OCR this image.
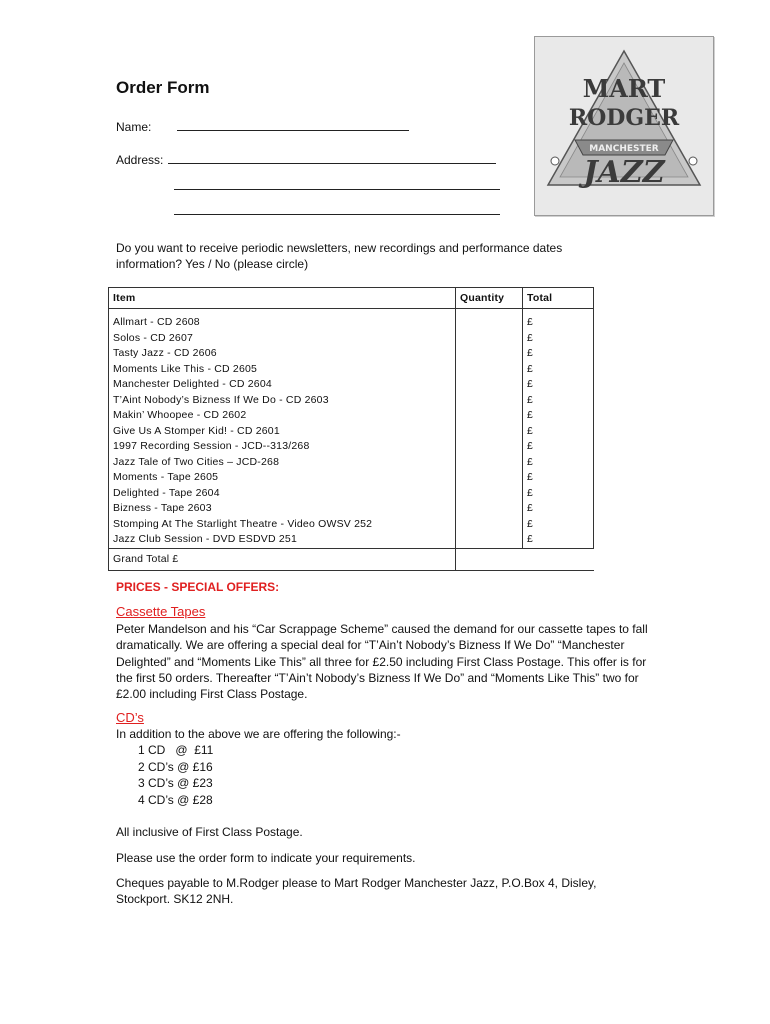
Order Form
Name:
Address:
MART
RODGER
MANCHESTER
JAZZ
Do you want to receive periodic newsletters, new recordings and performance dates information? Yes / No (please circle)
Item	Quantity	Total
Allmart - CD 2608		£
Solos - CD 2607		£
Tasty Jazz - CD 2606		£
Moments Like This - CD 2605		£
Manchester Delighted - CD 2604		£
T’Aint Nobody’s Bizness If We Do - CD 2603		£
Makin’ Whoopee - CD 2602		£
Give Us A Stomper Kid! - CD 2601		£
1997 Recording Session - JCD--313/268		£
Jazz Tale of Two Cities – JCD-268		£
Moments - Tape 2605		£
Delighted - Tape 2604		£
Bizness - Tape 2603		£
Stomping At The Starlight Theatre - Video OWSV 252		£
Jazz Club Session - DVD ESDVD 251		£
Grand Total £		
PRICES - SPECIAL OFFERS:
Cassette Tapes
Peter Mandelson and his “Car Scrappage Scheme” caused the demand for our cassette tapes to fall dramatically. We are offering a special deal for “T’Ain’t Nobody’s Bizness If We Do” “Manchester Delighted” and “Moments Like This” all three for £2.50 including First Class Postage. This offer is for the first 50 orders. Thereafter “T’Ain’t Nobody’s Bizness If We Do” and “Moments Like This” two for £2.00 including First Class Postage.
CD’s
In addition to the above we are offering the following:-
1 CD   @  £11
2 CD’s @ £16
3 CD’s @ £23
4 CD’s @ £28
All inclusive of First Class Postage.
Please use the order form to indicate your requirements.
Cheques payable to M.Rodger please to Mart Rodger Manchester Jazz, P.O.Box 4, Disley, Stockport. SK12 2NH.
